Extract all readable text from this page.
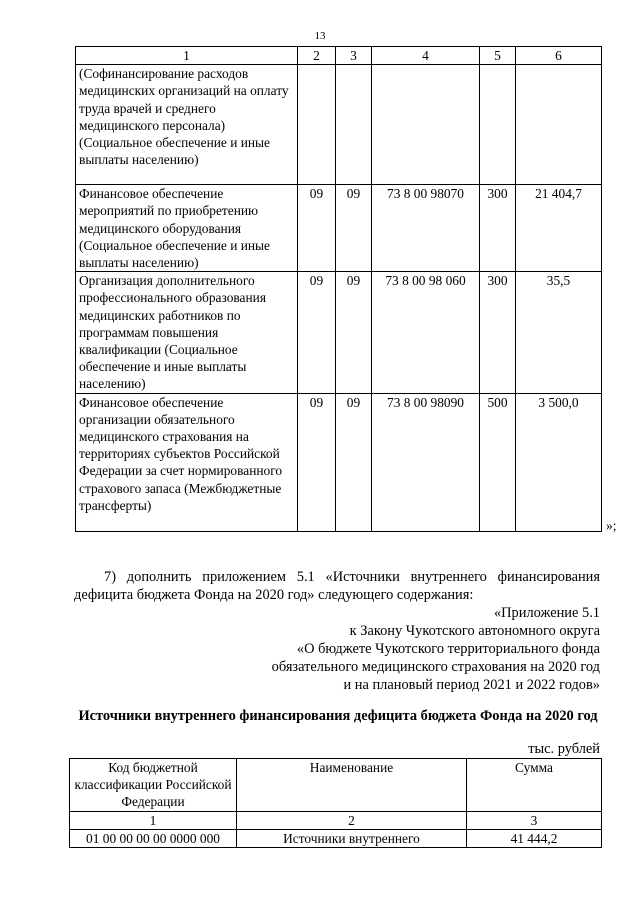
13
1	2	3	4	5	6
(Софинансирование расходов медицинских организаций на оплату труда врачей и среднего медицинского персонала) (Социальное обеспечение и иные выплаты населению)					
Финансовое обеспечение мероприятий по приобретению медицинского оборудования (Социальное обеспечение и иные выплаты населению)	09	09	73 8 00 98070	300	21 404,7
Организация дополнительного профессионального образования медицинских работников по программам повышения квалификации (Социальное обеспечение и иные выплаты населению)	09	09	73 8 00 98 060	300	35,5
Финансовое обеспечение организации обязательного медицинского страхования на территориях субъектов Российской Федерации за счет нормированного страхового запаса (Межбюджетные трансферты)	09	09	73 8 00 98090	500	3 500,0
»;
7) дополнить приложением 5.1 «Источники внутреннего финансирования дефицита бюджета Фонда на 2020 год» следующего содержания:
«Приложение 5.1
к Закону Чукотского автономного округа
«О бюджете Чукотского территориального фонда
обязательного медицинского страхования на 2020 год
и на плановый период 2021 и 2022 годов»
Источники внутреннего финансирования дефицита бюджета Фонда на 2020 год
тыс. рублей
Код бюджетной классификации Российской Федерации	Наименование	Сумма
1	2	3
01 00 00 00 00 0000 000	Источники внутреннего	41 444,2
